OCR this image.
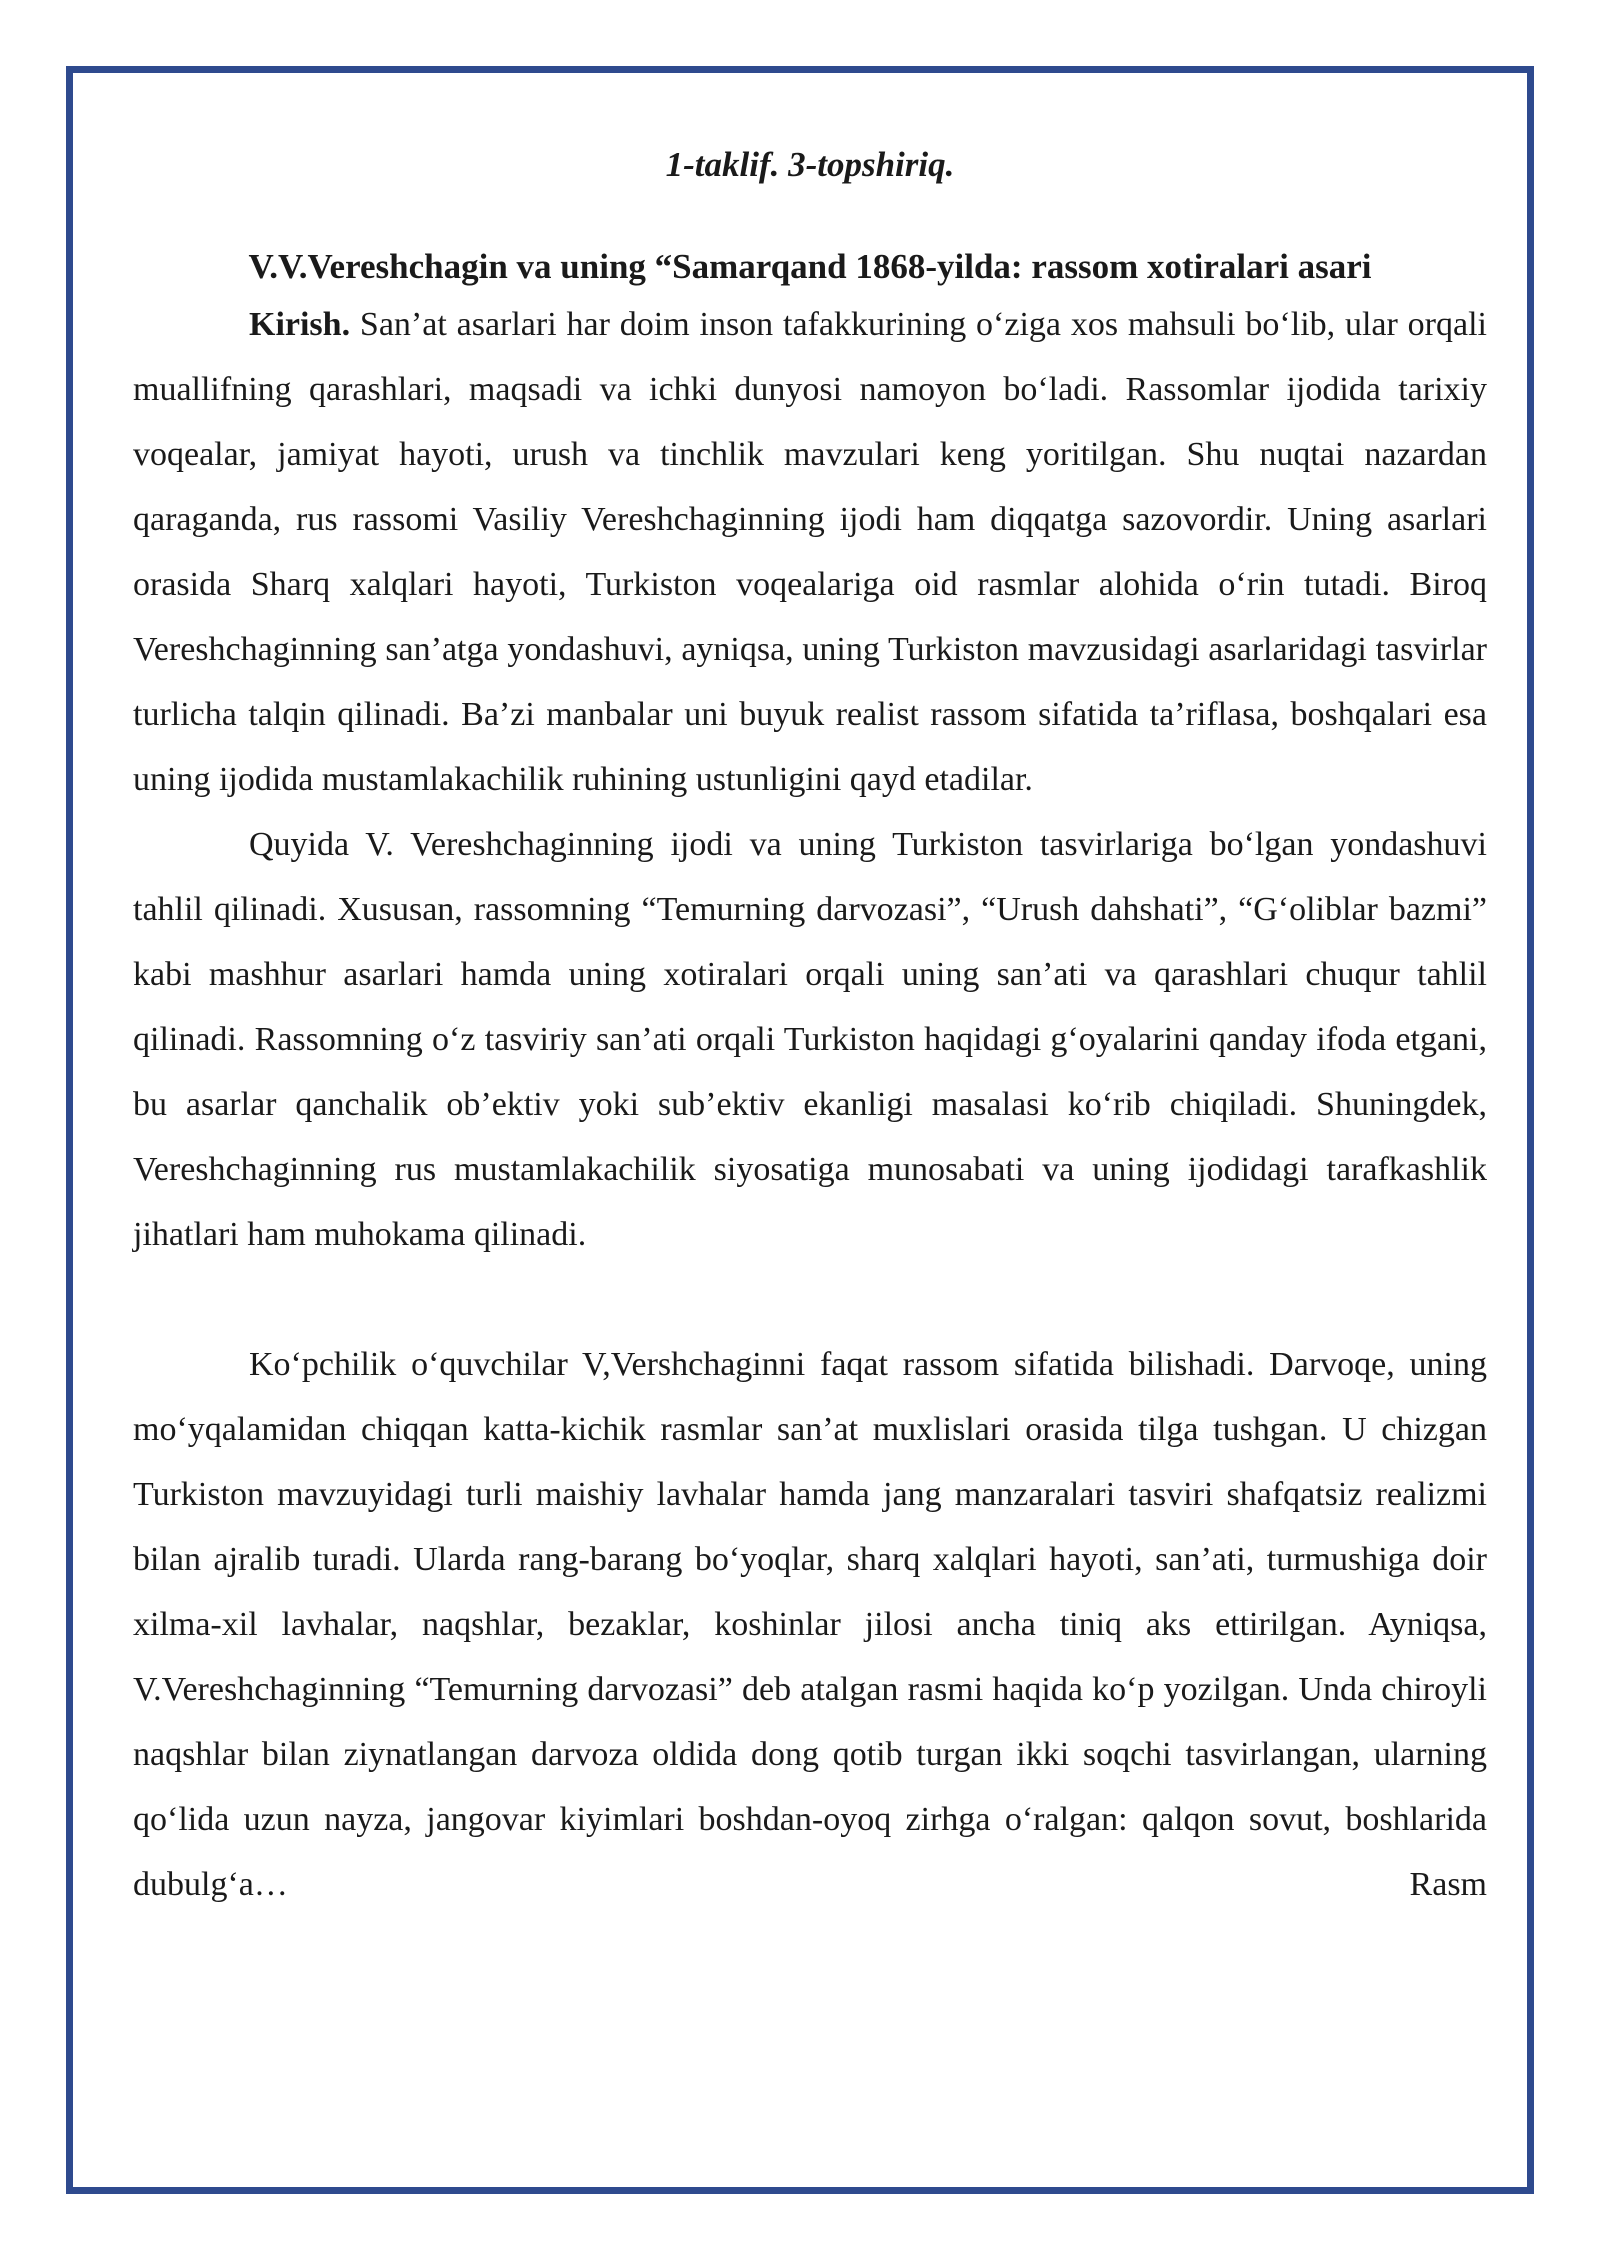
1-taklif. 3-topshiriq.
V.V.Vereshchagin va uning “Samarqand 1868-yilda: rassom xotiralari asari

Kirish. San’at asarlari har doim inson tafakkurining o‘ziga xos mahsuli bo‘lib, ular orqali muallifning qarashlari, maqsadi va ichki dunyosi namoyon bo‘ladi. Rassomlar ijodida tarixiy voqealar, jamiyat hayoti, urush va tinchlik mavzulari keng yoritilgan. Shu nuqtai nazardan qaraganda, rus rassomi Vasiliy Vereshchaginning ijodi ham diqqatga sazovordir. Uning asarlari orasida Sharq xalqlari hayoti, Turkiston voqealariga oid rasmlar alohida o‘rin tutadi. Biroq Vereshchaginning san’atga yondashuvi, ayniqsa, uning Turkiston mavzusidagi asarlaridagi tasvirlar turlicha talqin qilinadi. Ba’zi manbalar uni buyuk realist rassom sifatida ta’riflasa, boshqalari esa uning ijodida mustamlakachilik ruhining ustunligini qayd etadilar.

Quyida V. Vereshchaginning ijodi va uning Turkiston tasvirlariga bo‘lgan yondashuvi tahlil qilinadi. Xususan, rassomning “Temurning darvozasi”, “Urush dahshati”, “G‘oliblar bazmi” kabi mashhur asarlari hamda uning xotiralari orqali uning san’ati va qarashlari chuqur tahlil qilinadi. Rassomning o‘z tasviriy san’ati orqali Turkiston haqidagi g‘oyalarini qanday ifoda etgani, bu asarlar qanchalik ob’ektiv yoki sub’ektiv ekanligi masalasi ko‘rib chiqiladi. Shuningdek, Vereshchaginning rus mustamlakachilik siyosatiga munosabati va uning ijodidagi tarafkashlik jihatlari ham muhokama qilinadi.

Ko‘pchilik o‘quvchilar V,Vershchaginni faqat rassom sifatida bilishadi. Darvoqe, uning mo‘yqalamidan chiqqan katta-kichik rasmlar san’at muxlislari orasida tilga tushgan. U chizgan Turkiston mavzuyidagi turli maishiy lavhalar hamda jang manzaralari tasviri shafqatsiz realizmi bilan ajralib turadi. Ularda rang-barang bo‘yoqlar, sharq xalqlari hayoti, san’ati, turmushiga doir xilma-xil lavhalar, naqshlar, bezaklar, koshinlar jilosi ancha tiniq aks ettirilgan. Ayniqsa, V.Vereshchaginning “Temurning darvozasi” deb atalgan rasmi haqida ko‘p yozilgan. Unda chiroyli naqshlar bilan ziynatlangan darvoza oldida dong qotib turgan ikki soqchi tasvirlangan, ularning qo‘lida uzun nayza, jangovar kiyimlari boshdan-oyoq zirhga o‘ralgan: qalqon sovut, boshlarida dubulg‘a… Rasm
